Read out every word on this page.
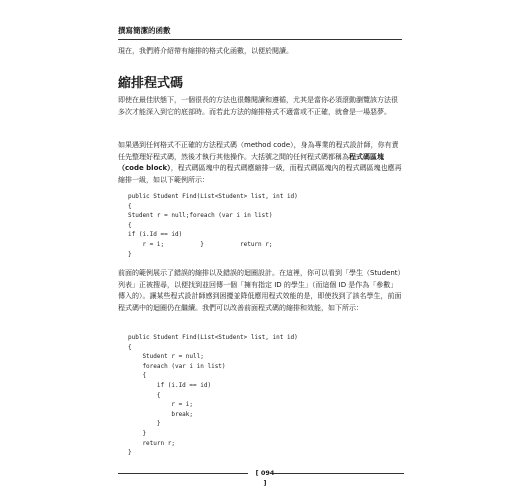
撰寫簡潔的函數

現在，我們將介紹帶有縮排的格式化函數，以便於閱讀。

縮排程式碼

即使在最佳狀態下，一個很長的方法也很難閱讀和遵循，尤其是當你必須滾動瀏覽該方法很多次才能深入到它的底部時。而若此方法的縮排格式不適當或不正確，就會是一場惡夢。

如果遇到任何格式不正確的方法程式碼（method code），身為專業的程式設計師，你有責任先整理好程式碼，然後才執行其他操作。大括號之間的任何程式碼都稱為程式碼區塊（code block），程式碼區塊中的程式碼應縮排一級，而程式碼區塊內的程式碼區塊也應再縮排一級，如以下範例所示：

public Student Find(List<Student> list, int id)
{
Student r = null;foreach (var i in list)
{
if (i.Id == id)
r = i;          }          return r;
}

前面的範例展示了錯誤的縮排以及錯誤的迴圈設計。在這裡，你可以看到「學生（Student）列表」正被搜尋，以便找到並回傳一個「擁有指定 ID 的學生」（而這個 ID 是作為「參數」傳入的）。讓某些程式設計師感到困擾並降低應用程式效能的是，即使找到了該名學生，前面程式碼中的迴圈仍在繼續。我們可以改善前面程式碼的縮排和效能，如下所示：

public Student Find(List<Student> list, int id)
{
Student r = null;
foreach (var i in list)
{
if (i.Id == id)
{
r = i;
break;
}
}
return r;
}
[ 094 ]
